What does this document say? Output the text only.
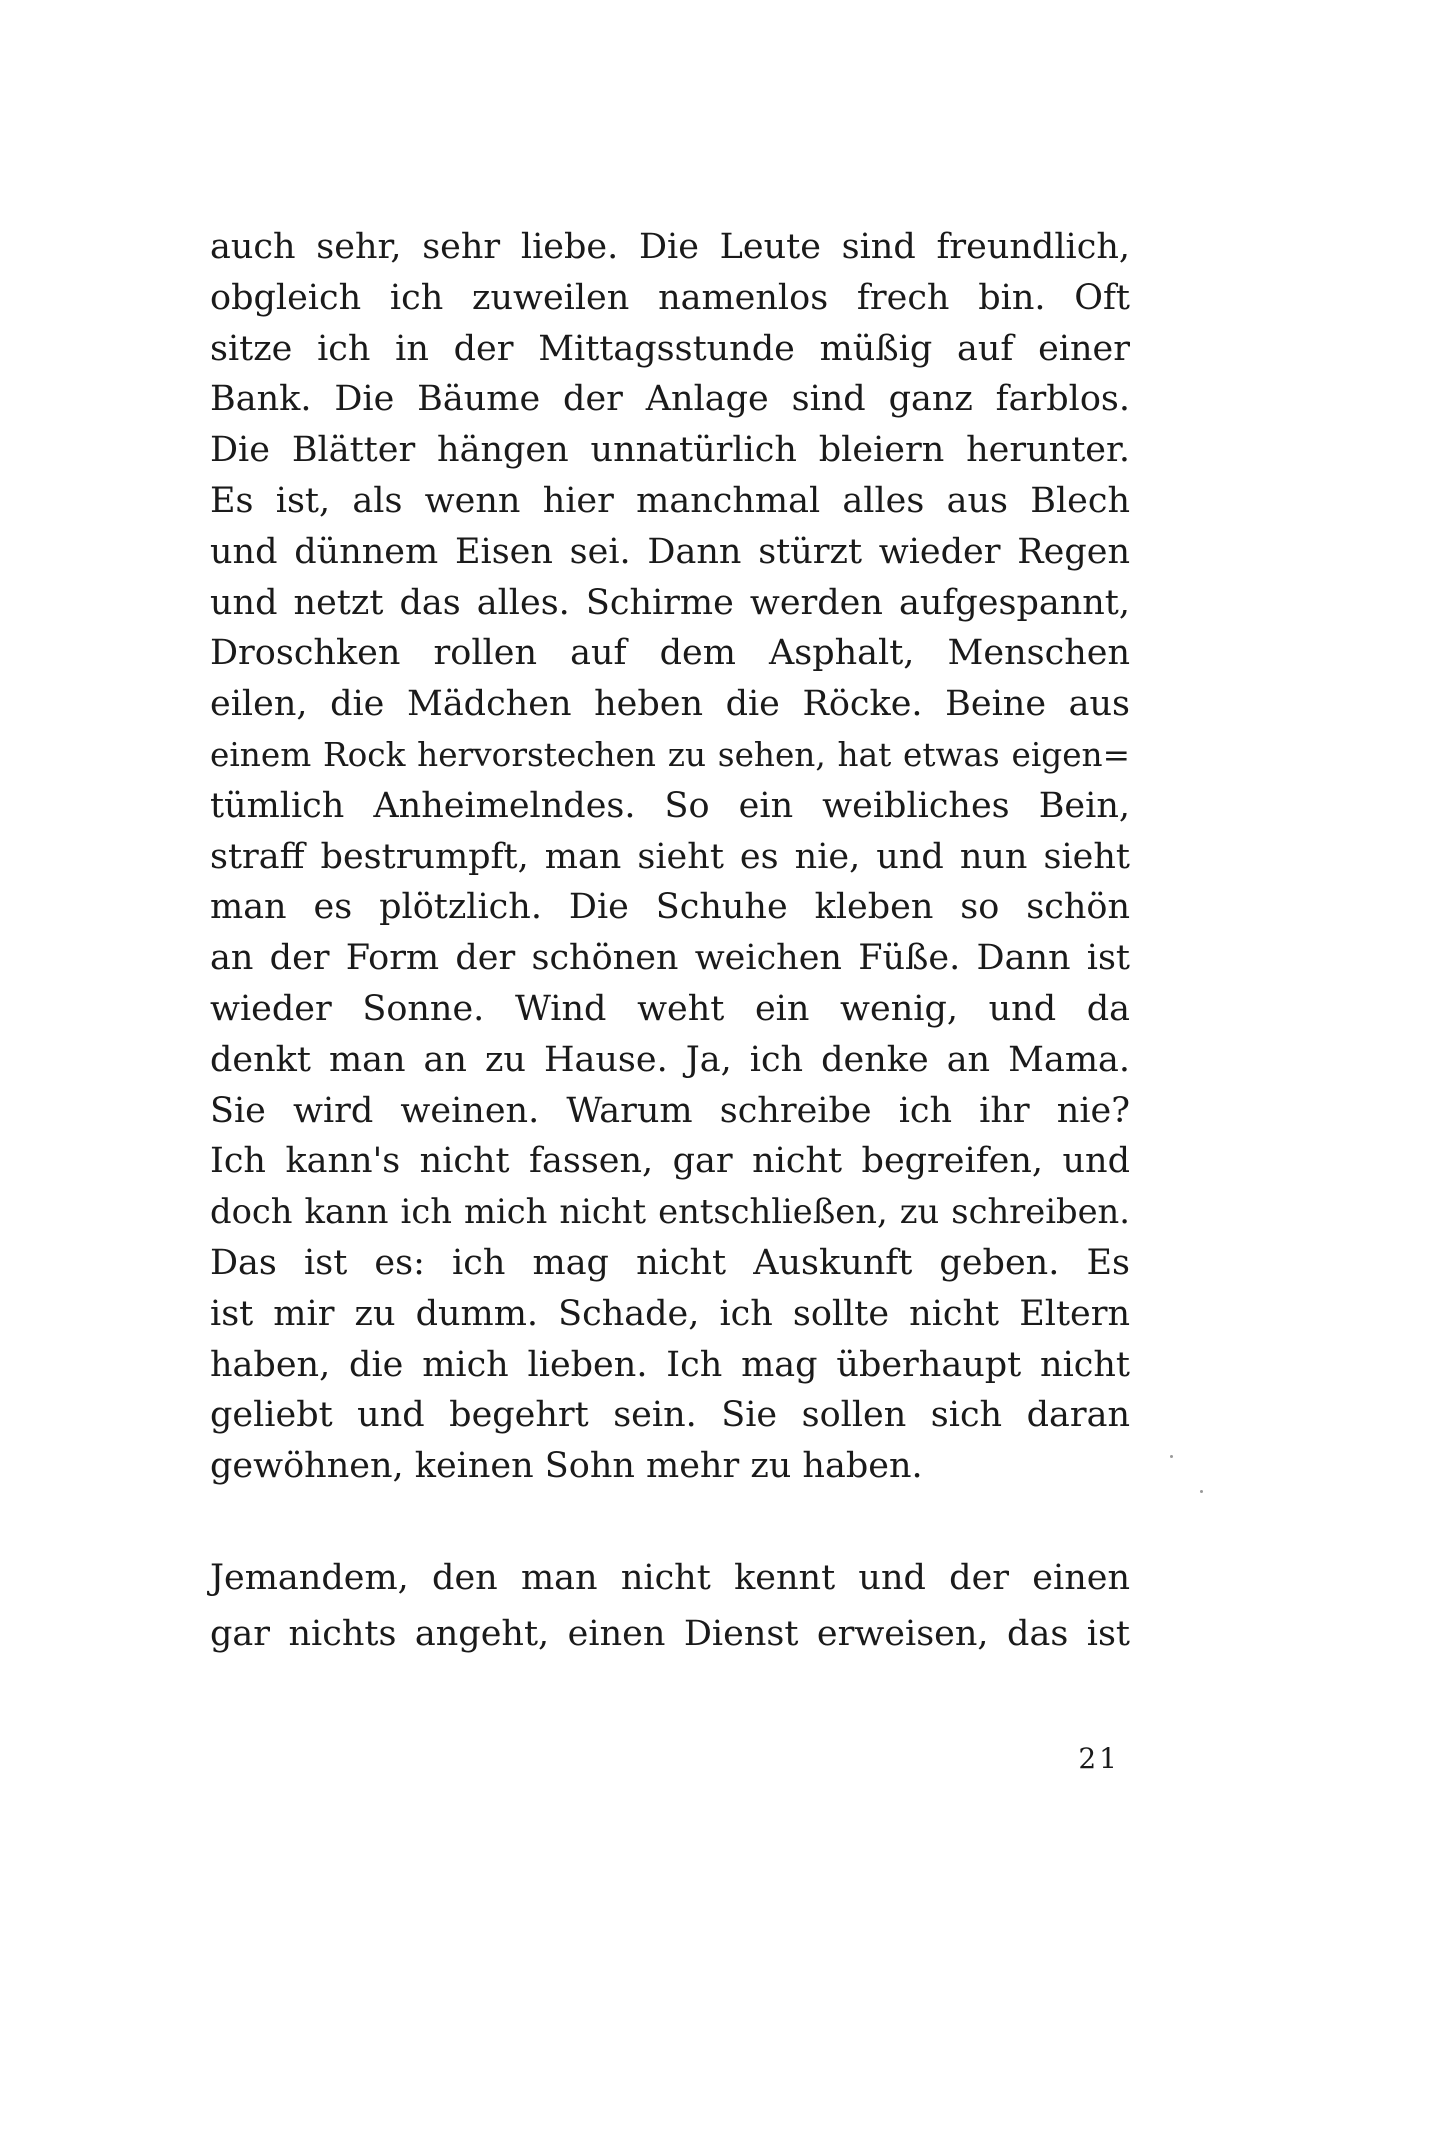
auch sehr, sehr liebe. Die Leute sind freundlich,
obgleich ich zuweilen namenlos frech bin. Oft
sitze ich in der Mittagsstunde müßig auf einer
Bank. Die Bäume der Anlage sind ganz farblos.
Die Blätter hängen unnatürlich bleiern herunter.
Es ist, als wenn hier manchmal alles aus Blech
und dünnem Eisen sei. Dann stürzt wieder Regen
und netzt das alles. Schirme werden aufgespannt,
Droschken rollen auf dem Asphalt, Menschen
eilen, die Mädchen heben die Röcke. Beine aus
einem Rock hervorstechen zu sehen, hat etwas eigen=
tümlich Anheimelndes. So ein weibliches Bein,
straff bestrumpft, man sieht es nie, und nun sieht
man es plötzlich. Die Schuhe kleben so schön
an der Form der schönen weichen Füße. Dann ist
wieder Sonne. Wind weht ein wenig, und da
denkt man an zu Hause. Ja, ich denke an Mama.
Sie wird weinen. Warum schreibe ich ihr nie?
Ich kann's nicht fassen, gar nicht begreifen, und
doch kann ich mich nicht entschließen, zu schreiben.
Das ist es: ich mag nicht Auskunft geben. Es
ist mir zu dumm. Schade, ich sollte nicht Eltern
haben, die mich lieben. Ich mag überhaupt nicht
geliebt und begehrt sein. Sie sollen sich daran
gewöhnen, keinen Sohn mehr zu haben.
Jemandem, den man nicht kennt und der einen
gar nichts angeht, einen Dienst erweisen, das ist
21
